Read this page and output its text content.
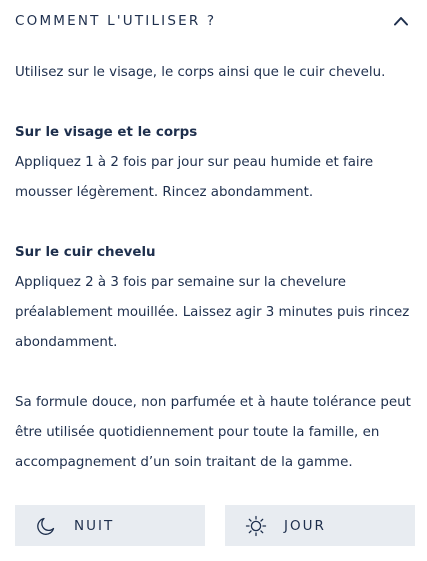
COMMENT L'UTILISER ?

Utilisez sur le visage, le corps ainsi que le cuir chevelu.

Sur le visage et le corps

Appliquez 1 à 2 fois par jour sur peau humide et faire mousser légèrement. Rincez abondamment.

Sur le cuir chevelu

Appliquez 2 à 3 fois par semaine sur la chevelure préalablement mouillée. Laissez agir 3 minutes puis rincez abondamment.

Sa formule douce, non parfumée et à haute tolérance peut être utilisée quotidiennement pour toute la famille, en accompagnement d’un soin traitant de la gamme.

NUIT	JOUR
